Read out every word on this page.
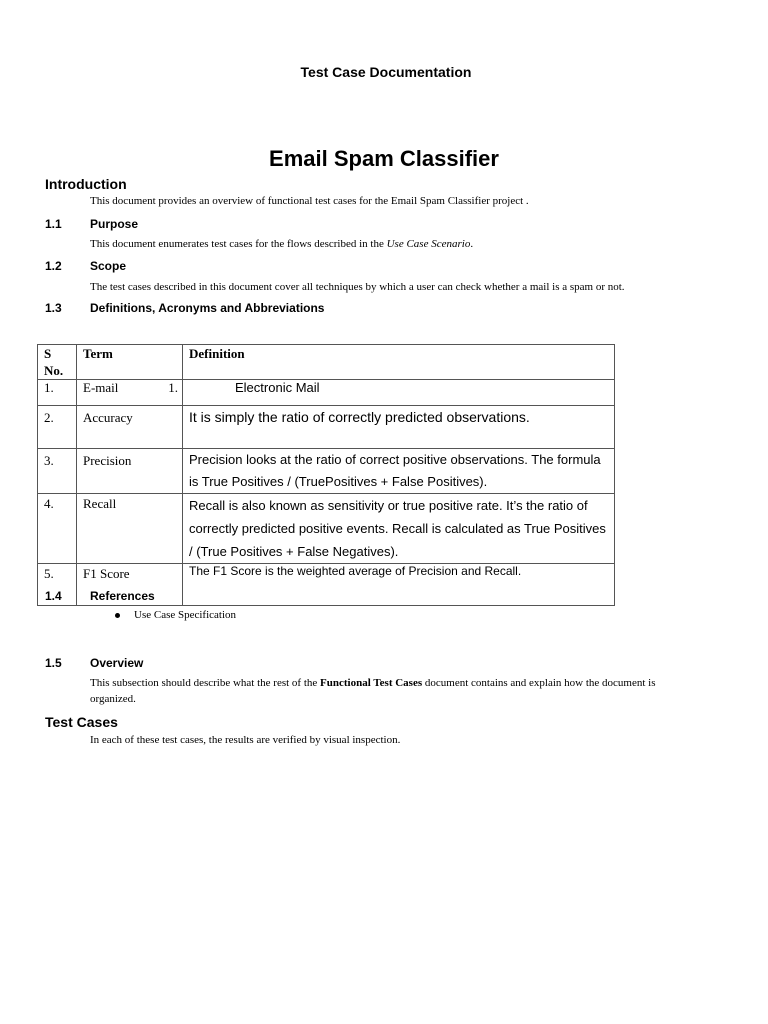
Test Case Documentation
Email Spam Classifier
Introduction
This document provides an overview of functional test cases for the Email Spam Classifier project .
1.1 Purpose
This document enumerates test cases for the flows described in the Use Case Scenario.
1.2 Scope
The test cases described in this document cover all techniques by which a user can check whether a mail is a spam or not.
1.3 Definitions, Acronyms and Abbreviations
S No.	Term	Definition
1.	E-mail 1.	Electronic Mail
2.	Accuracy	It is simply the ratio of correctly predicted observations.
3.	Precision	Precision looks at the ratio of correct positive observations. The formula is True Positives / (TruePositives + False Positives).
4.	Recall	Recall is also known as sensitivity or true positive rate. It’s the ratio of correctly predicted positive events. Recall is calculated as True Positives / (True Positives + False Negatives).
5.	F1 Score	The F1 Score is the weighted average of Precision and Recall.
1.4 References
Use Case Specification
1.5 Overview
This subsection should describe what the rest of the Functional Test Cases document contains and explain how the document is organized.
Test Cases
In each of these test cases, the results are verified by visual inspection.
